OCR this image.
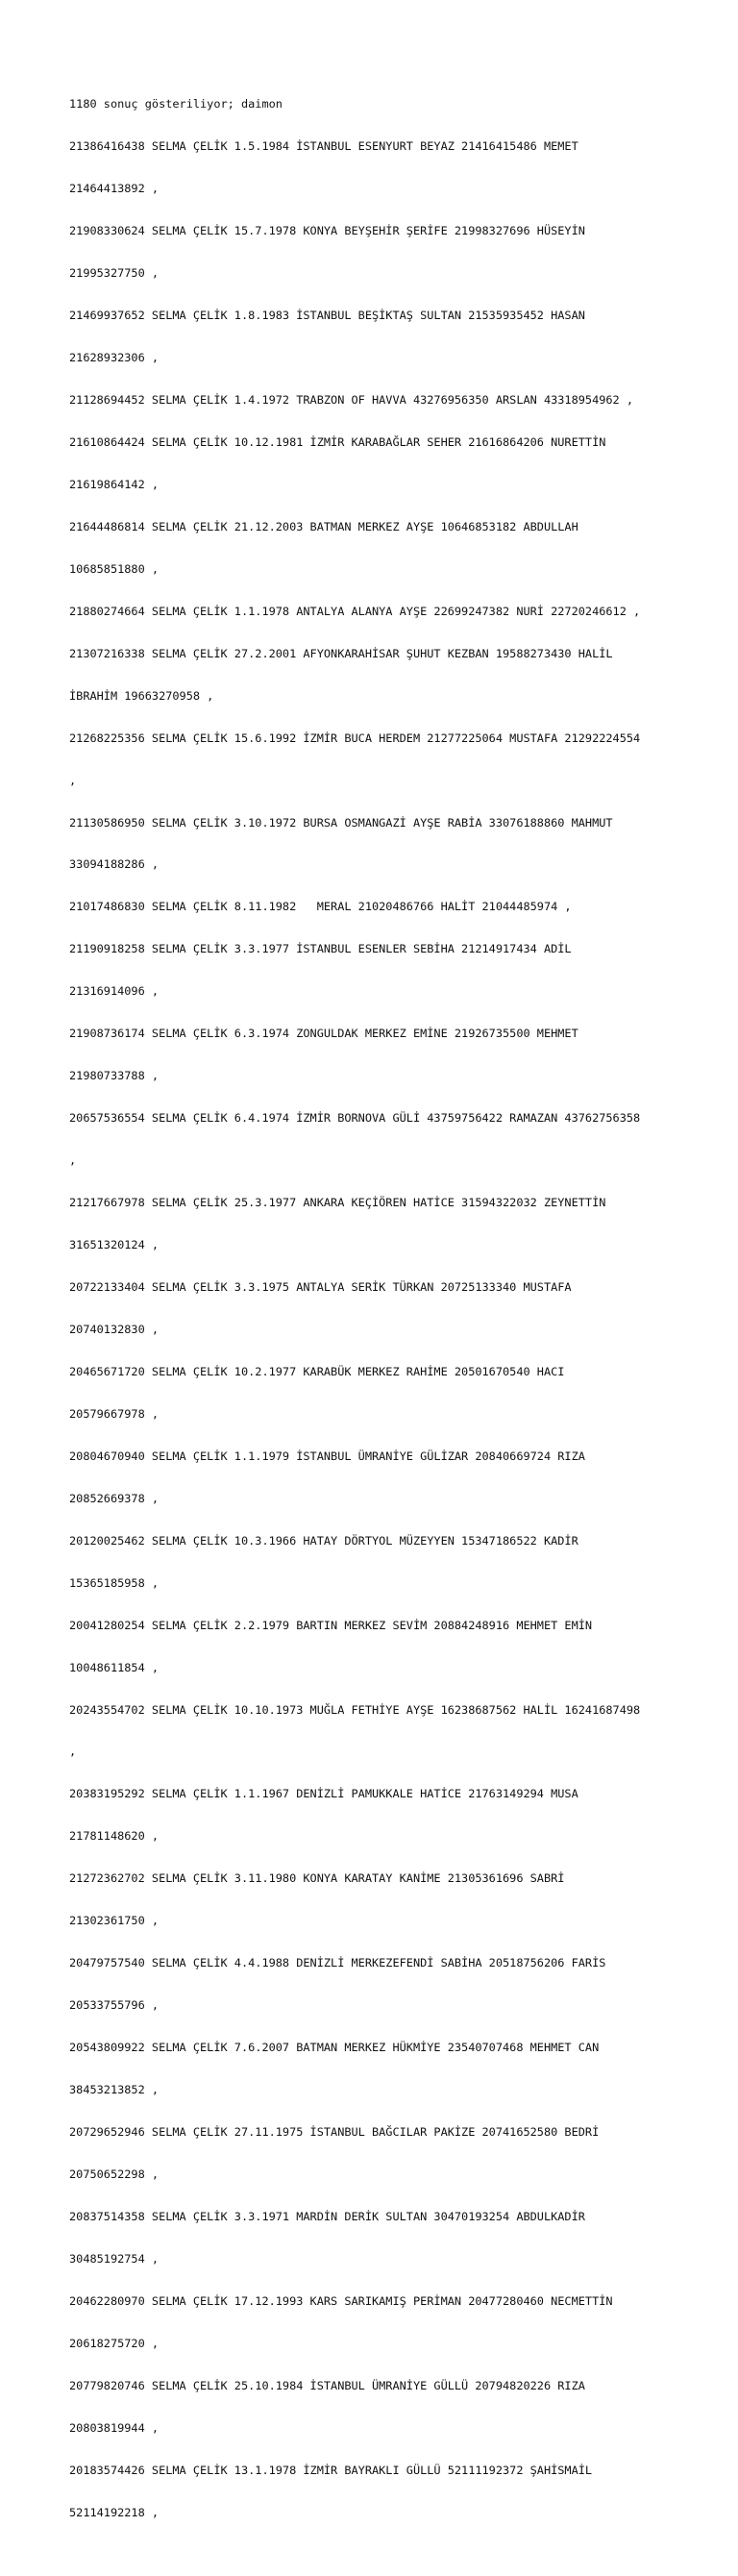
1180 sonuç gösteriliyor; daimon

21386416438 SELMA ÇELİK 1.5.1984 İSTANBUL ESENYURT BEYAZ 21416415486 MEMET

21464413892 ,

21908330624 SELMA ÇELİK 15.7.1978 KONYA BEYŞEHİR ŞERİFE 21998327696 HÜSEYİN

21995327750 ,

21469937652 SELMA ÇELİK 1.8.1983 İSTANBUL BEŞİKTAŞ SULTAN 21535935452 HASAN

21628932306 ,

21128694452 SELMA ÇELİK 1.4.1972 TRABZON OF HAVVA 43276956350 ARSLAN 43318954962 ,

21610864424 SELMA ÇELİK 10.12.1981 İZMİR KARABAĞLAR SEHER 21616864206 NURETTİN

21619864142 ,

21644486814 SELMA ÇELİK 21.12.2003 BATMAN MERKEZ AYŞE 10646853182 ABDULLAH

10685851880 ,

21880274664 SELMA ÇELİK 1.1.1978 ANTALYA ALANYA AYŞE 22699247382 NURİ 22720246612 ,

21307216338 SELMA ÇELİK 27.2.2001 AFYONKARAHİSAR ŞUHUT KEZBAN 19588273430 HALİL

İBRAHİM 19663270958 ,

21268225356 SELMA ÇELİK 15.6.1992 İZMİR BUCA HERDEM 21277225064 MUSTAFA 21292224554

,

21130586950 SELMA ÇELİK 3.10.1972 BURSA OSMANGAZİ AYŞE RABİA 33076188860 MAHMUT

33094188286 ,

21017486830 SELMA ÇELİK 8.11.1982   MERAL 21020486766 HALİT 21044485974 ,

21190918258 SELMA ÇELİK 3.3.1977 İSTANBUL ESENLER SEBİHA 21214917434 ADİL

21316914096 ,

21908736174 SELMA ÇELİK 6.3.1974 ZONGULDAK MERKEZ EMİNE 21926735500 MEHMET

21980733788 ,

20657536554 SELMA ÇELİK 6.4.1974 İZMİR BORNOVA GÜLİ 43759756422 RAMAZAN 43762756358

,

21217667978 SELMA ÇELİK 25.3.1977 ANKARA KEÇİÖREN HATİCE 31594322032 ZEYNETTİN

31651320124 ,

20722133404 SELMA ÇELİK 3.3.1975 ANTALYA SERİK TÜRKAN 20725133340 MUSTAFA

20740132830 ,

20465671720 SELMA ÇELİK 10.2.1977 KARABÜK MERKEZ RAHİME 20501670540 HACI

20579667978 ,

20804670940 SELMA ÇELİK 1.1.1979 İSTANBUL ÜMRANİYE GÜLİZAR 20840669724 RIZA

20852669378 ,

20120025462 SELMA ÇELİK 10.3.1966 HATAY DÖRTYOL MÜZEYYEN 15347186522 KADİR

15365185958 ,

20041280254 SELMA ÇELİK 2.2.1979 BARTIN MERKEZ SEVİM 20884248916 MEHMET EMİN

10048611854 ,

20243554702 SELMA ÇELİK 10.10.1973 MUĞLA FETHİYE AYŞE 16238687562 HALİL 16241687498

,

20383195292 SELMA ÇELİK 1.1.1967 DENİZLİ PAMUKKALE HATİCE 21763149294 MUSA

21781148620 ,

21272362702 SELMA ÇELİK 3.11.1980 KONYA KARATAY KANİME 21305361696 SABRİ

21302361750 ,

20479757540 SELMA ÇELİK 4.4.1988 DENİZLİ MERKEZEFENDİ SABİHA 20518756206 FARİS

20533755796 ,

20543809922 SELMA ÇELİK 7.6.2007 BATMAN MERKEZ HÜKMİYE 23540707468 MEHMET CAN

38453213852 ,

20729652946 SELMA ÇELİK 27.11.1975 İSTANBUL BAĞCILAR PAKİZE 20741652580 BEDRİ

20750652298 ,

20837514358 SELMA ÇELİK 3.3.1971 MARDİN DERİK SULTAN 30470193254 ABDULKADİR

30485192754 ,

20462280970 SELMA ÇELİK 17.12.1993 KARS SARIKAMIŞ PERİMAN 20477280460 NECMETTİN

20618275720 ,

20779820746 SELMA ÇELİK 25.10.1984 İSTANBUL ÜMRANİYE GÜLLÜ 20794820226 RIZA

20803819944 ,

20183574426 SELMA ÇELİK 13.1.1978 İZMİR BAYRAKLI GÜLLÜ 52111192372 ŞAHİSMAİL

52114192218 ,
